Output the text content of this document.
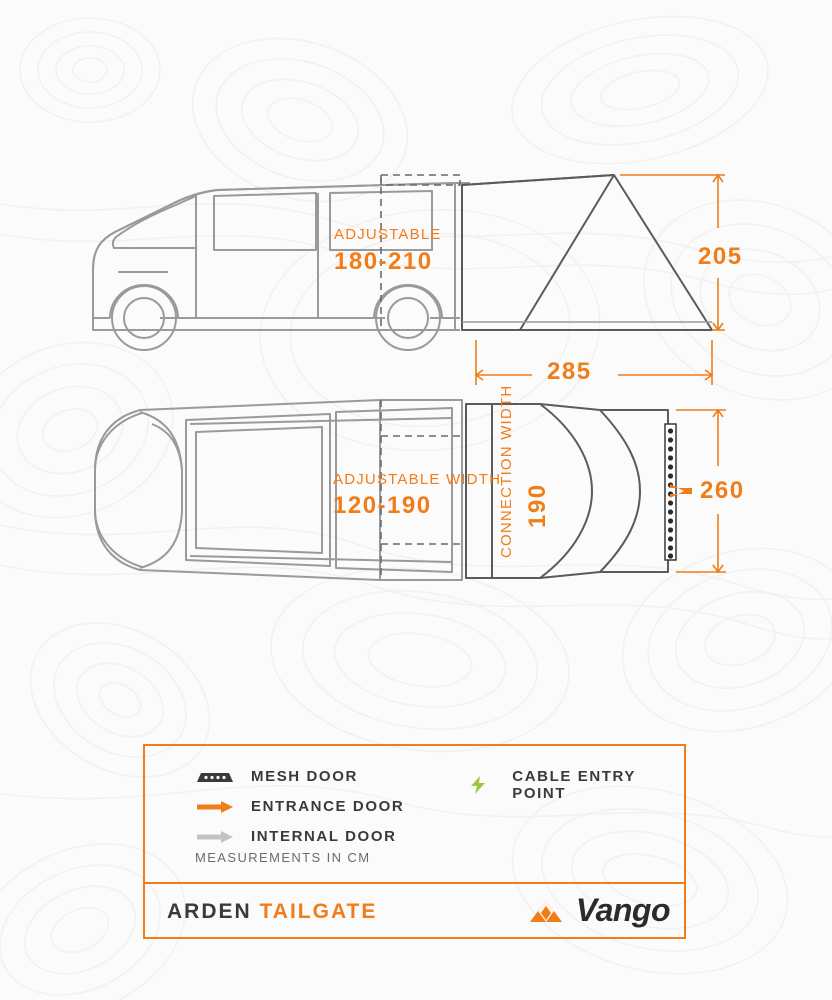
ADJUSTABLE
180-210	205
285
ADJUSTABLE WIDTH
120-190	CONNECTION WIDTH 190	260
MESH DOOR
ENTRANCE DOOR
INTERNAL DOOR
CABLE ENTRY POINT
MEASUREMENTS IN CM
ARDEN TAILGATE	Vango
